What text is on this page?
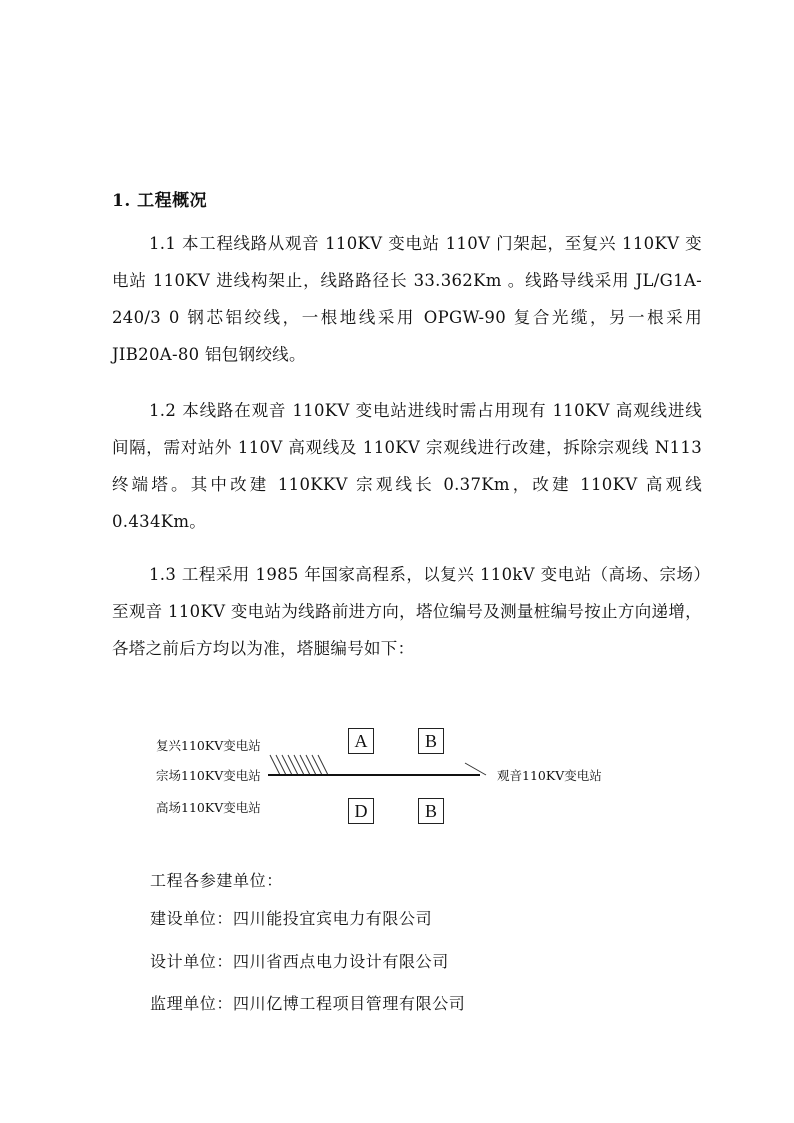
1. 工程概况
1.1 本工程线路从观音 110KV 变电站 110V 门架起，至复兴 110KV 变电站 110KV 进线构架止，线路路径长 33.362Km 。线路导线采用 JL/G1A-240/3 0 钢芯铝绞线，一根地线采用 OPGW-90 复合光缆，另一根采用 JIB20A-80 铝包钢绞线。
1.2 本线路在观音 110KV 变电站进线时需占用现有 110KV 高观线进线间隔，需对站外 110V 高观线及 110KV 宗观线进行改建，拆除宗观线 N113 终端塔。其中改建 110KKV 宗观线长 0.37Km，改建 110KV 高观线 0.434Km。
1.3 工程采用 1985 年国家高程系，以复兴 110kV 变电站（高场、宗场）至观音 110KV 变电站为线路前进方向，塔位编号及测量桩编号按止方向递增，各塔之前后方均以为准，塔腿编号如下：
复兴110KV变电站
宗场110KV变电站
高场110KV变电站
观音110KV变电站
A	B
D	B
工程各参建单位：
建设单位：四川能投宜宾电力有限公司
设计单位：四川省西点电力设计有限公司
监理单位：四川亿博工程项目管理有限公司
